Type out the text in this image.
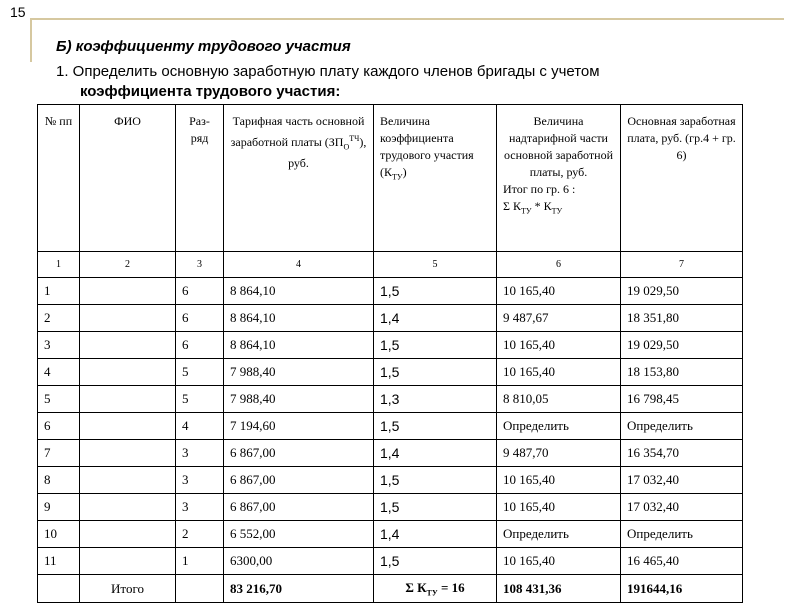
15
Б) коэффициенту трудового участия
1. Определить основную заработную плату каждого членов бригады с учетом
коэффициента трудового участия:
№ пп	ФИО	Раз-ряд	Тарифная часть основной заработной платы $(ЗП_О^{ТЧ})$, руб.	Величина коэффициента трудового участия $(К_{ТУ})$	Величина надтарифной части основной заработной платы, руб.
Итог по гр. 6 :
Σ $К_{ТУ} * К_{ТУ}$	Основная заработная плата, руб. (гр.4 + гр. 6)
1	2	3	4	5	6	7
1		6	8 864,10	1,5	10 165,40	19 029,50
2		6	8 864,10	1,4	9 487,67	18 351,80
3		6	8 864,10	1,5	10 165,40	19 029,50
4		5	7 988,40	1,5	10 165,40	18 153,80
5		5	7 988,40	1,3	8 810,05	16 798,45
6		4	7 194,60	1,5	Определить	Определить
7		3	6 867,00	1,4	9 487,70	16 354,70
8		3	6 867,00	1,5	10 165,40	17 032,40
9		3	6 867,00	1,5	10 165,40	17 032,40
10		2	6 552,00	1,4	Определить	Определить
11		1	6300,00	1,5	10 165,40	16 465,40
	Итого		83 216,70	Σ $К_{ТУ} = 16$	108 431,36	191644,16
